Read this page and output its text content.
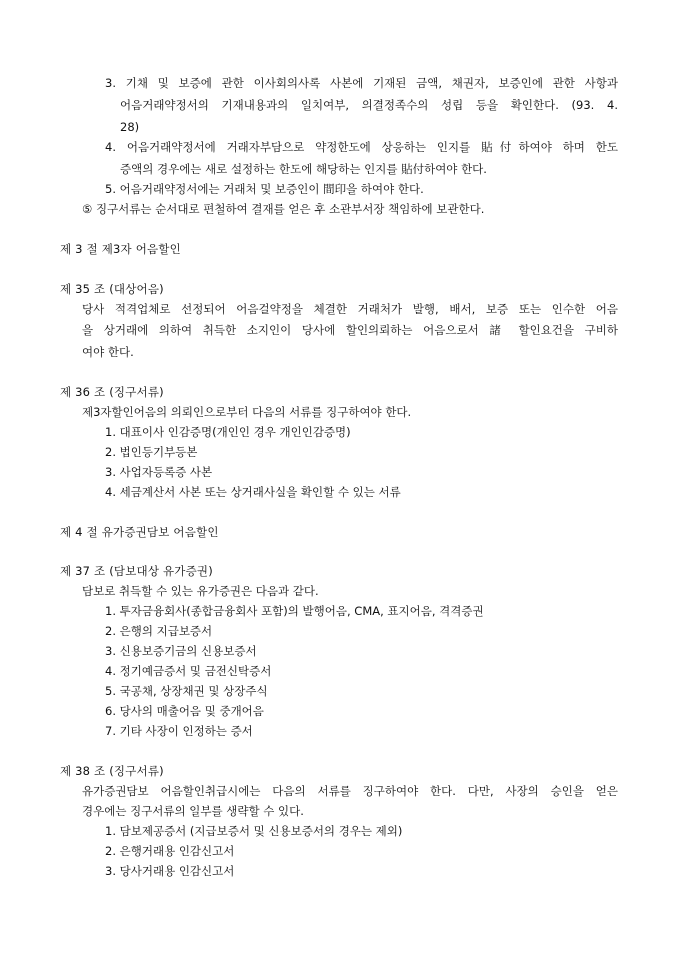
3. 기채 및 보증에 관한 이사회의사록 사본에 기재된 금액, 채권자, 보증인에 관한 사항과
어음거래약정서의 기재내용과의 일치여부, 의결정족수의 성립 등을 확인한다. (93. 4.
28)
4. 어음거래약정서에 거래자부담으로 약정한도에 상응하는 인지를 貼付하여야 하며 한도
증액의 경우에는 새로 설정하는 한도에 해당하는 인지를 貼付하여야 한다.
5. 어음거래약정서에는 거래처 및 보증인이 間印을 하여야 한다.
⑤ 징구서류는 순서대로 편철하여 결재를 얻은 후 소관부서장 책임하에 보관한다.
제 3 절 제3자 어음할인
제 35 조 (대상어음)
당사 적격업체로 선정되어 어음걸약정을 체결한 거래처가 발행, 배서, 보증 또는 인수한 어음
을 상거래에 의하여 취득한 소지인이 당사에 할인의뢰하는 어음으로서 諸 할인요건을 구비하
여야 한다.
제 36 조 (징구서류)
제3자할인어음의 의뢰인으로부터 다음의 서류를 징구하여야 한다.
1. 대표이사 인감증명(개인인 경우 개인인감증명)
2. 법인등기부등본
3. 사업자등록증 사본
4. 세금계산서 사본 또는 상거래사실을 확인할 수 있는 서류
제 4 절 유가증권담보 어음할인
제 37 조 (담보대상 유가증권)
담보로 취득할 수 있는 유가증권은 다음과 같다.
1. 투자금융회사(종합금융회사 포함)의 발행어음, CMA, 표지어음, 격격증권
2. 은행의 지급보증서
3. 신용보증기금의 신용보증서
4. 정기예금증서 및 금전신탁증서
5. 국공채, 상장채권 및 상장주식
6. 당사의 매출어음 및 중개어음
7. 기타 사장이 인정하는 증서
제 38 조 (징구서류)
유가증권담보 어음할인취급시에는 다음의 서류를 징구하여야 한다. 다만, 사장의 승인을 얻은
경우에는 징구서류의 일부를 생략할 수 있다.
1. 담보제공증서 (지급보증서 및 신용보증서의 경우는 제외)
2. 은행거래용 인감신고서
3. 당사거래용 인감신고서
